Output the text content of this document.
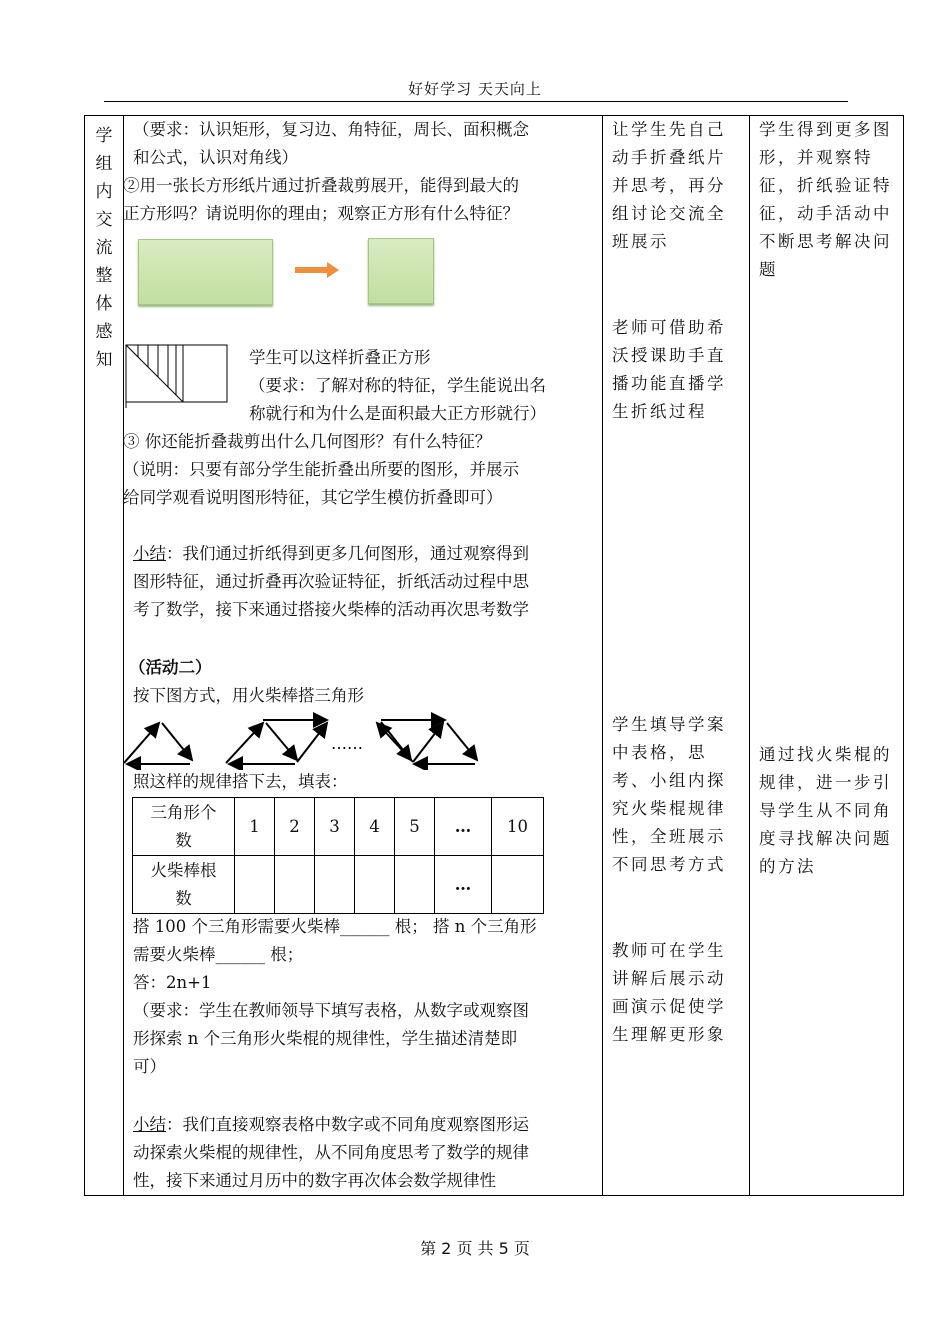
好好学习 天天向上
学
组
内
交
流
整
体
感
知
（要求：认识矩形，复习边、角特征，周长、面积概念
和公式，认识对角线）
②用一张长方形纸片通过折叠裁剪展开，能得到最大的
正方形吗？请说明你的理由；观察正方形有什么特征？
学生可以这样折叠正方形
（要求：了解对称的特征，学生能说出名
称就行和为什么是面积最大正方形就行）
③ 你还能折叠裁剪出什么几何图形？有什么特征？
（说明：只要有部分学生能折叠出所要的图形，并展示
给同学观看说明图形特征，其它学生模仿折叠即可）
小结：我们通过折纸得到更多几何图形，通过观察得到
图形特征，通过折叠再次验证特征，折纸活动过程中思
考了数学，接下来通过搭接火柴棒的活动再次思考数学
（活动二）
按下图方式，用火柴棒搭三角形
……
照这样的规律搭下去，填表：
三角形个
数	1	2	3	4	5	…	10
火柴棒根
数						…	
搭 100 个三角形需要火柴棒______ 根； 搭 n 个三角形
需要火柴棒______ 根；
答：2n+1
（要求：学生在教师领导下填写表格，从数字或观察图
形探索 n 个三角形火柴棍的规律性，学生描述清楚即
可）
小结：我们直接观察表格中数字或不同角度观察图形运
动探索火柴棍的规律性，从不同角度思考了数学的规律
性，接下来通过月历中的数字再次体会数学规律性
让学生先自己
动手折叠纸片
并思考，再分
组讨论交流全
班展示
老师可借助希
沃授课助手直
播功能直播学
生折纸过程
学生填导学案
中表格，思
考、小组内探
究火柴棍规律
性，全班展示
不同思考方式
教师可在学生
讲解后展示动
画演示促使学
生理解更形象
学生得到更多图
形，并观察特
征，折纸验证特
征，动手活动中
不断思考解决问
题
通过找火柴棍的
规律，进一步引
导学生从不同角
度寻找解决问题
的方法
第 2 页 共 5 页
